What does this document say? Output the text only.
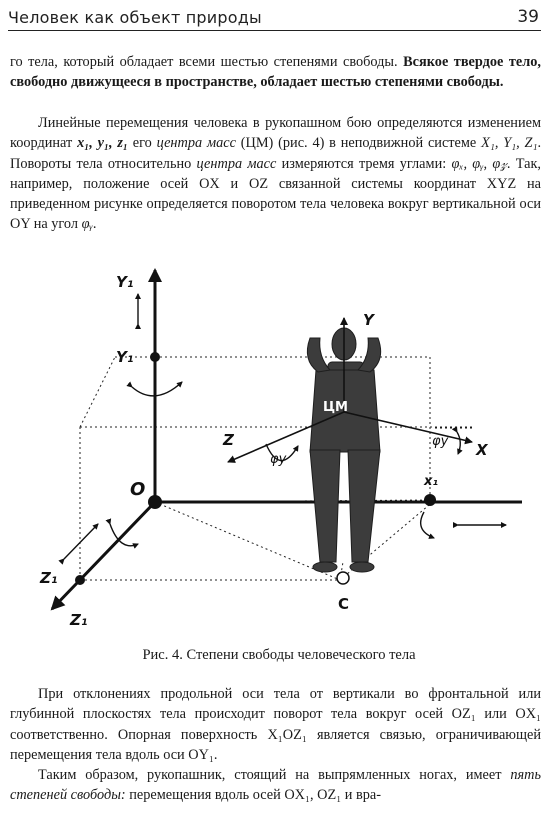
Человек как объект природы	39

го тела, который обладает всеми шестью степенями свободы. Всякое твердое тело, свободно движущееся в пространстве, обладает шестью степенями свободы.

Линейные перемещения человека в рукопашном бою определяются изменением координат x₁, y₁, z₁ его центра масс (ЦМ) (рис. 4) в неподвижной системе X₁, Y₁, Z₁. Повороты тела относительно центра масс измеряются тремя углами: φₓ, φᵧ, φ𝓏. Так, например, положение осей OX и OZ связанной системы координат XYZ на приведенном рисунке определяется поворотом тела человека вокруг вертикальной оси OY на угол φᵧ.

Y₁
Y₁
O
Z₁
Z₁
x₁
Y
X
Z
ЦМ
φу
φу
C

Рис. 4. Степени свободы человеческого тела

При отклонениях продольной оси тела от вертикали во фронтальной или глубинной плоскостях тела происходит поворот тела вокруг осей OZ₁ или OX₁ соответственно. Опорная поверхность X₁OZ₁ является связью, ограничивающей перемещения тела вдоль оси OY₁.

Таким образом, рукопашник, стоящий на выпрямленных ногах, имеет пять степеней свободы: перемещения вдоль осей OX₁, OZ₁ и вра-
